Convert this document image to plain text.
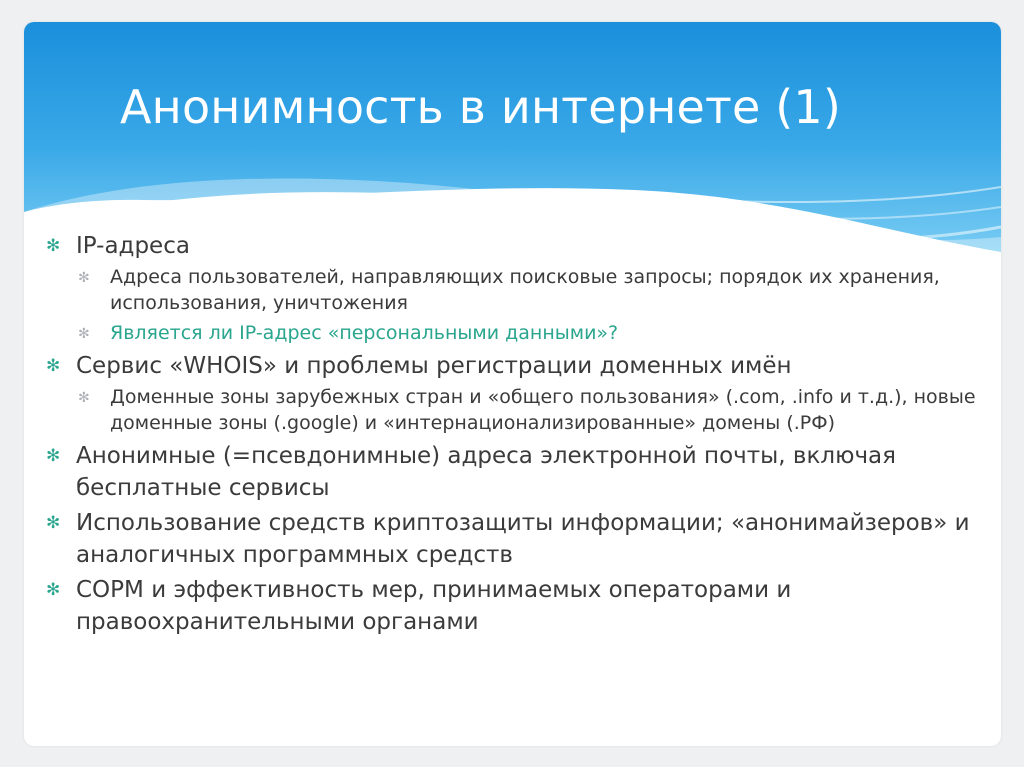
Анонимность в интернете (1)
✻ IP-адреса
✻ Адреса пользователей, направляющих поисковые запросы; порядок их хранения, использования, уничтожения
✻ Является ли IP-адрес «персональными данными»?
✻ Сервис «WHOIS» и проблемы регистрации доменных имён
✻ Доменные зоны зарубежных стран и «общего пользования» (.com, .info и т.д.), новые доменные зоны (.google) и «интернационализированные» домены (.РФ)
✻ Анонимные (=псевдонимные) адреса электронной почты, включая бесплатные сервисы
✻ Использование средств криптозащиты информации; «анонимайзеров» и аналогичных программных средств
✻ СОРМ и эффективность мер, принимаемых операторами и правоохранительными органами
